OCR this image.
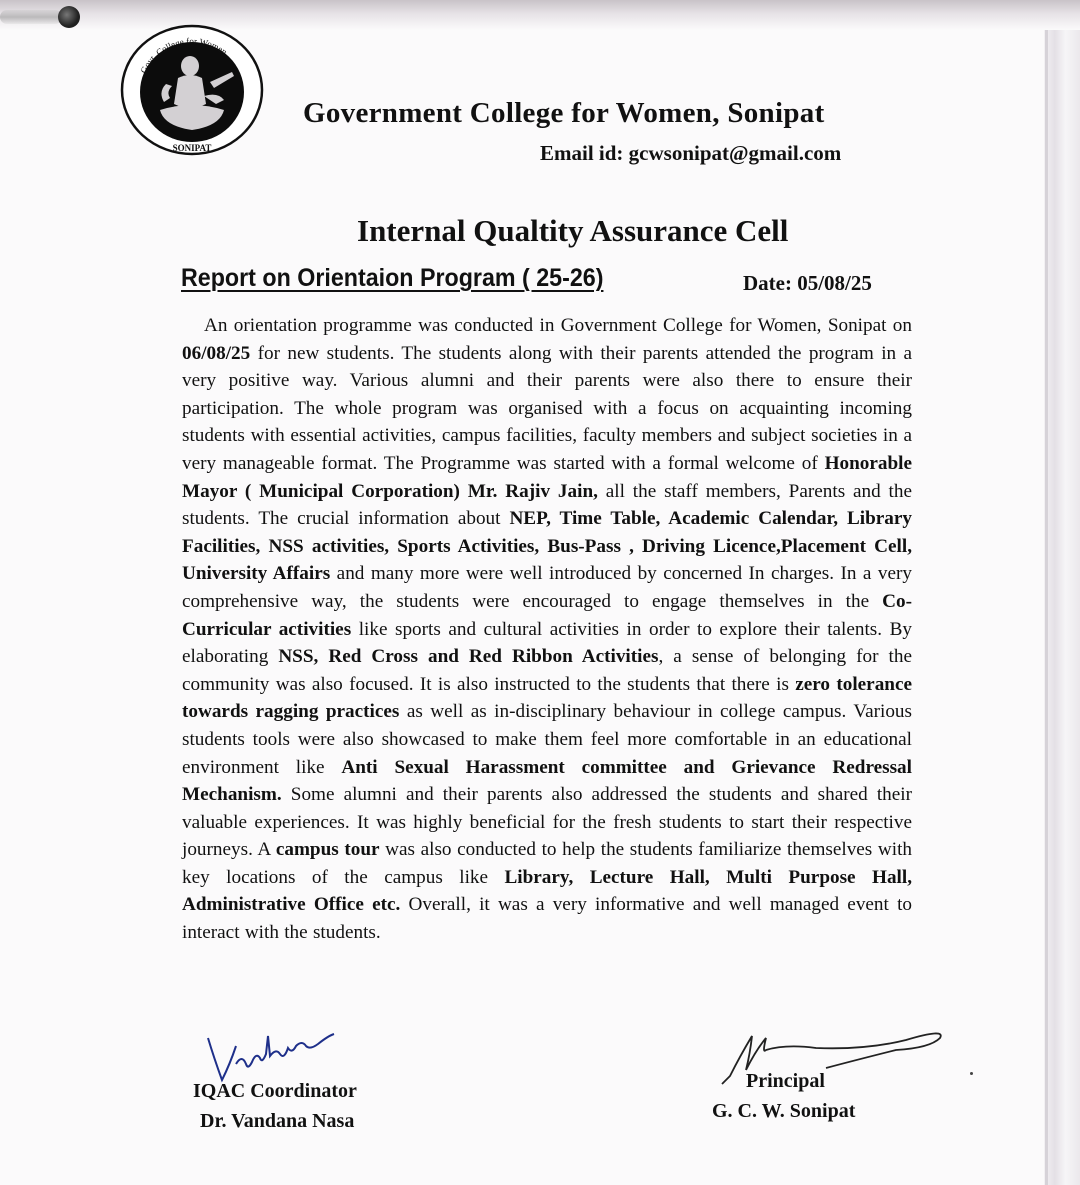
Govt. College for Women
SONIPAT
Government College for Women, Sonipat
Email id: gcwsonipat@gmail.com
Internal Qualtity Assurance Cell
Report on Orientaion Program ( 25-26)	Date: 05/08/25
An orientation programme was conducted in Government College for Women, Sonipat on 06/08/25 for new students. The students along with their parents attended the program in a very positive way. Various alumni and their parents were also there to ensure their participation. The whole program was organised with a focus on acquainting incoming students with essential activities, campus facilities, faculty members and subject societies in a very manageable format. The Programme was started with a formal welcome of Honorable Mayor ( Municipal Corporation) Mr. Rajiv Jain, all the staff members, Parents and the students. The crucial information about NEP, Time Table, Academic Calendar, Library Facilities, NSS activities, Sports Activities, Bus-Pass , Driving Licence,Placement Cell, University Affairs and many more were well introduced by concerned In charges. In a very comprehensive way, the students were encouraged to engage themselves in the Co-Curricular activities like sports and cultural activities in order to explore their talents. By elaborating NSS, Red Cross and Red Ribbon Activities, a sense of belonging for the community was also focused. It is also instructed to the students that there is zero tolerance towards ragging practices as well as in-disciplinary behaviour in college campus. Various students tools were also showcased to make them feel more comfortable in an educational environment like Anti Sexual Harassment committee and Grievance Redressal Mechanism. Some alumni and their parents also addressed the students and shared their valuable experiences. It was highly beneficial for the fresh students to start their respective journeys. A campus tour was also conducted to help the students familiarize themselves with key locations of the campus like Library, Lecture Hall, Multi Purpose Hall, Administrative Office etc. Overall, it was a very informative and well managed event to interact with the students.
IQAC Coordinator
Dr. Vandana Nasa
Principal
G. C. W. Sonipat
